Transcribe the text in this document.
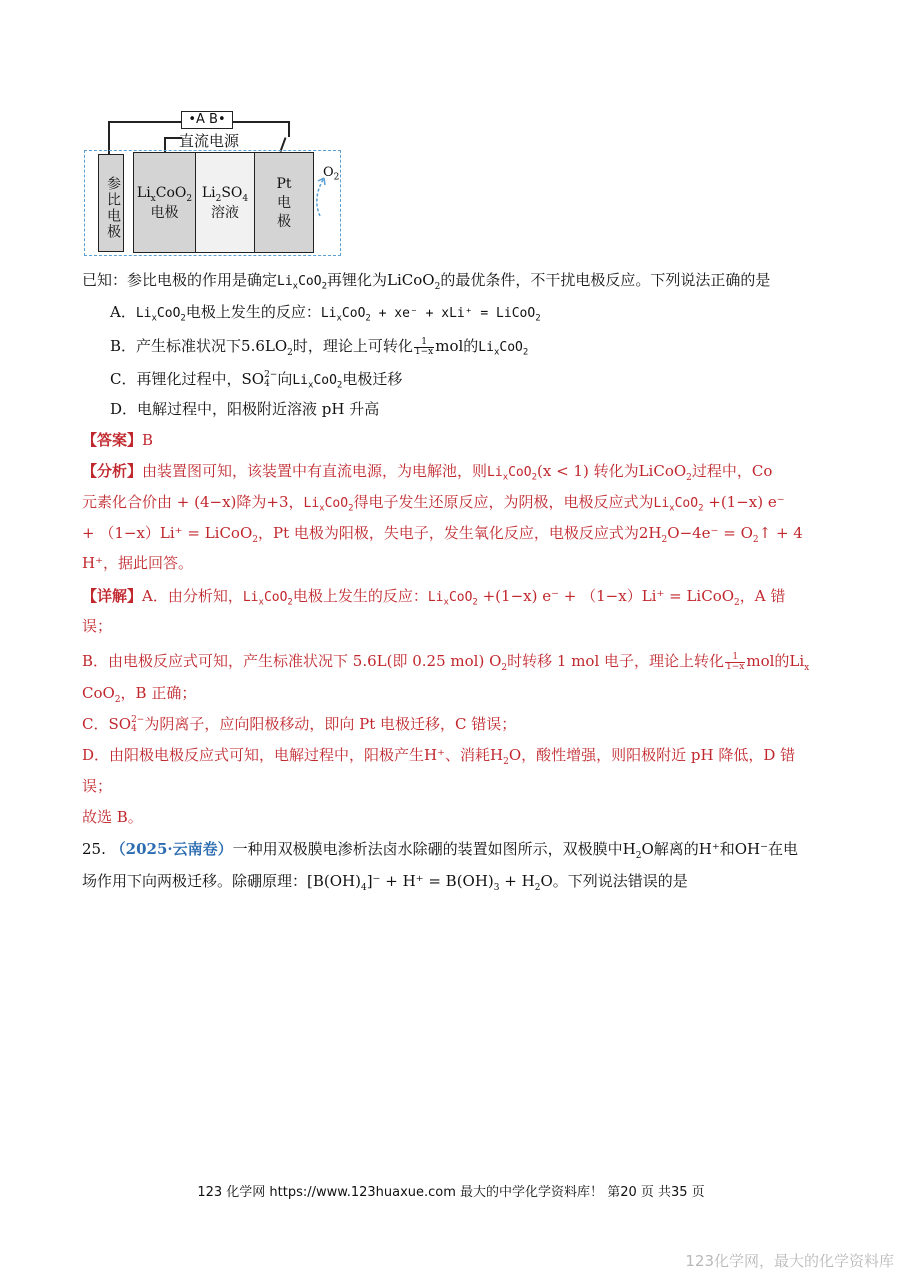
•A B•
直流电源
参比电极 $Li_xCoO_2$
电极
$Li_2SO_4$
溶液
Pt
电
极
$O_2$
已知：参比电极的作用是确定$Li_xCoO_2$再锂化为LiCoO$_2$的最优条件，不干扰电极反应。下列说法正确的是
A．$Li_xCoO_2$电极上发生的反应：$Li_xCoO_2 + xe^- + xLi^+$ = LiCoO$_2$
B．产生标准状况下$5.6LO_2$时，理论上可转化 $\frac{1}{1-x}$ mol的$Li_xCoO_2$
C．再锂化过程中，SO 2−
4 向$Li_xCoO_2$电极迁移
D．电解过程中，阳极附近溶液 pH 升高
【答案】B
【分析】由装置图可知，该装置中有直流电源，为电解池，则$Li_xCoO_2(x < 1)$ 转化为LiCoO$_2$过程中，Co
元素化合价由 + (4−x)降为+3，$Li_xCoO_2$得电子发生还原反应，为阴极，电极反应式为$Li_xCoO_2 +(1-x)$ e⁻
+ （1−x）Li⁺ = LiCoO$_2$，Pt 电极为阳极，失电子，发生氧化反应，电极反应式为$2H_2O-4e^-$ = $O_2↑ + 4$
H⁺，据此回答。
【详解】A．由分析知，$Li_xCoO_2$电极上发生的反应：$Li_xCoO_2 +(1-x) e^- + (1-x)Li^+$ = LiCoO$_2$，A 错
误；
B．由电极反应式可知，产生标准状况下 5.6L(即 0.25 mol) $O_2$时转移 1 mol 电子，理论上转化 $\frac{1}{1-x}$ mol的$Li_x$
CoO$_2$，B 正确；
C．SO 2−
4 为阴离子，应向阳极移动，即向 Pt 电极迁移，C 错误；
D．由阳极电极反应式可知，电解过程中，阳极产生H⁺、消耗$H_2O$，酸性增强，则阳极附近 pH 降低，D 错
误；
故选 B。
25. （2025·云南卷）一种用双极膜电渗析法卤水除硼的装置如图所示，双极膜中$H_2O$解离的H⁺和OH⁻在电
场作用下向两极迁移。除硼原理：$[B(OH)_4]^- + H^+ = B(OH)_3 + H_2O$。下列说法错误的是
123 化学网 https://www.123huaxue.com 最大的中学化学资料库！ 第20 页 共35 页
123化学网，最大的化学资料库
